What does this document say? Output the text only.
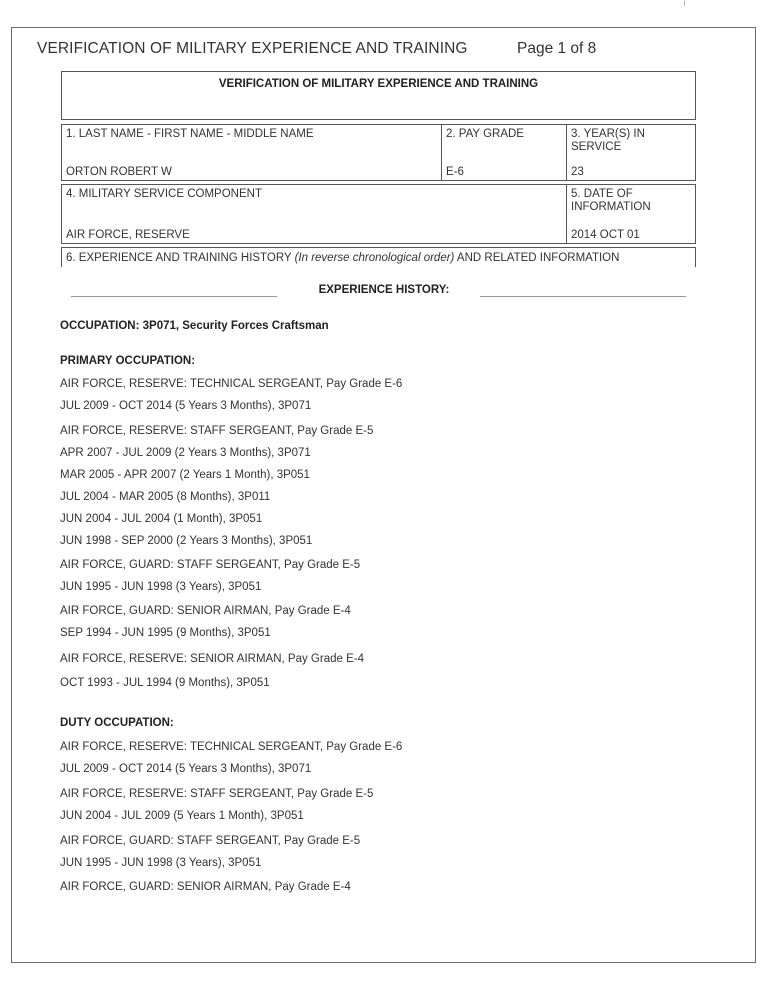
VERIFICATION OF MILITARY EXPERIENCE AND TRAINING	Page 1 of 8
VERIFICATION OF MILITARY EXPERIENCE AND TRAINING
1. LAST NAME - FIRST NAME - MIDDLE NAME
ORTON ROBERT W
2. PAY GRADE
E-6
3. YEAR(S) IN
SERVICE
23
4. MILITARY SERVICE COMPONENT
AIR FORCE, RESERVE
5. DATE OF
INFORMATION
2014 OCT 01
6. EXPERIENCE AND TRAINING HISTORY (In reverse chronological order) AND RELATED INFORMATION
EXPERIENCE HISTORY:
OCCUPATION: 3P071, Security Forces Craftsman
PRIMARY OCCUPATION:
AIR FORCE, RESERVE: TECHNICAL SERGEANT, Pay Grade E-6
JUL 2009 - OCT 2014 (5 Years 3 Months), 3P071
AIR FORCE, RESERVE: STAFF SERGEANT, Pay Grade E-5
APR 2007 - JUL 2009 (2 Years 3 Months), 3P071
MAR 2005 - APR 2007 (2 Years 1 Month), 3P051
JUL 2004 - MAR 2005 (8 Months), 3P011
JUN 2004 - JUL 2004 (1 Month), 3P051
JUN 1998 - SEP 2000 (2 Years 3 Months), 3P051
AIR FORCE, GUARD: STAFF SERGEANT, Pay Grade E-5
JUN 1995 - JUN 1998 (3 Years), 3P051
AIR FORCE, GUARD: SENIOR AIRMAN, Pay Grade E-4
SEP 1994 - JUN 1995 (9 Months), 3P051
AIR FORCE, RESERVE: SENIOR AIRMAN, Pay Grade E-4
OCT 1993 - JUL 1994 (9 Months), 3P051
DUTY OCCUPATION:
AIR FORCE, RESERVE: TECHNICAL SERGEANT, Pay Grade E-6
JUL 2009 - OCT 2014 (5 Years 3 Months), 3P071
AIR FORCE, RESERVE: STAFF SERGEANT, Pay Grade E-5
JUN 2004 - JUL 2009 (5 Years 1 Month), 3P051
AIR FORCE, GUARD: STAFF SERGEANT, Pay Grade E-5
JUN 1995 - JUN 1998 (3 Years), 3P051
AIR FORCE, GUARD: SENIOR AIRMAN, Pay Grade E-4
